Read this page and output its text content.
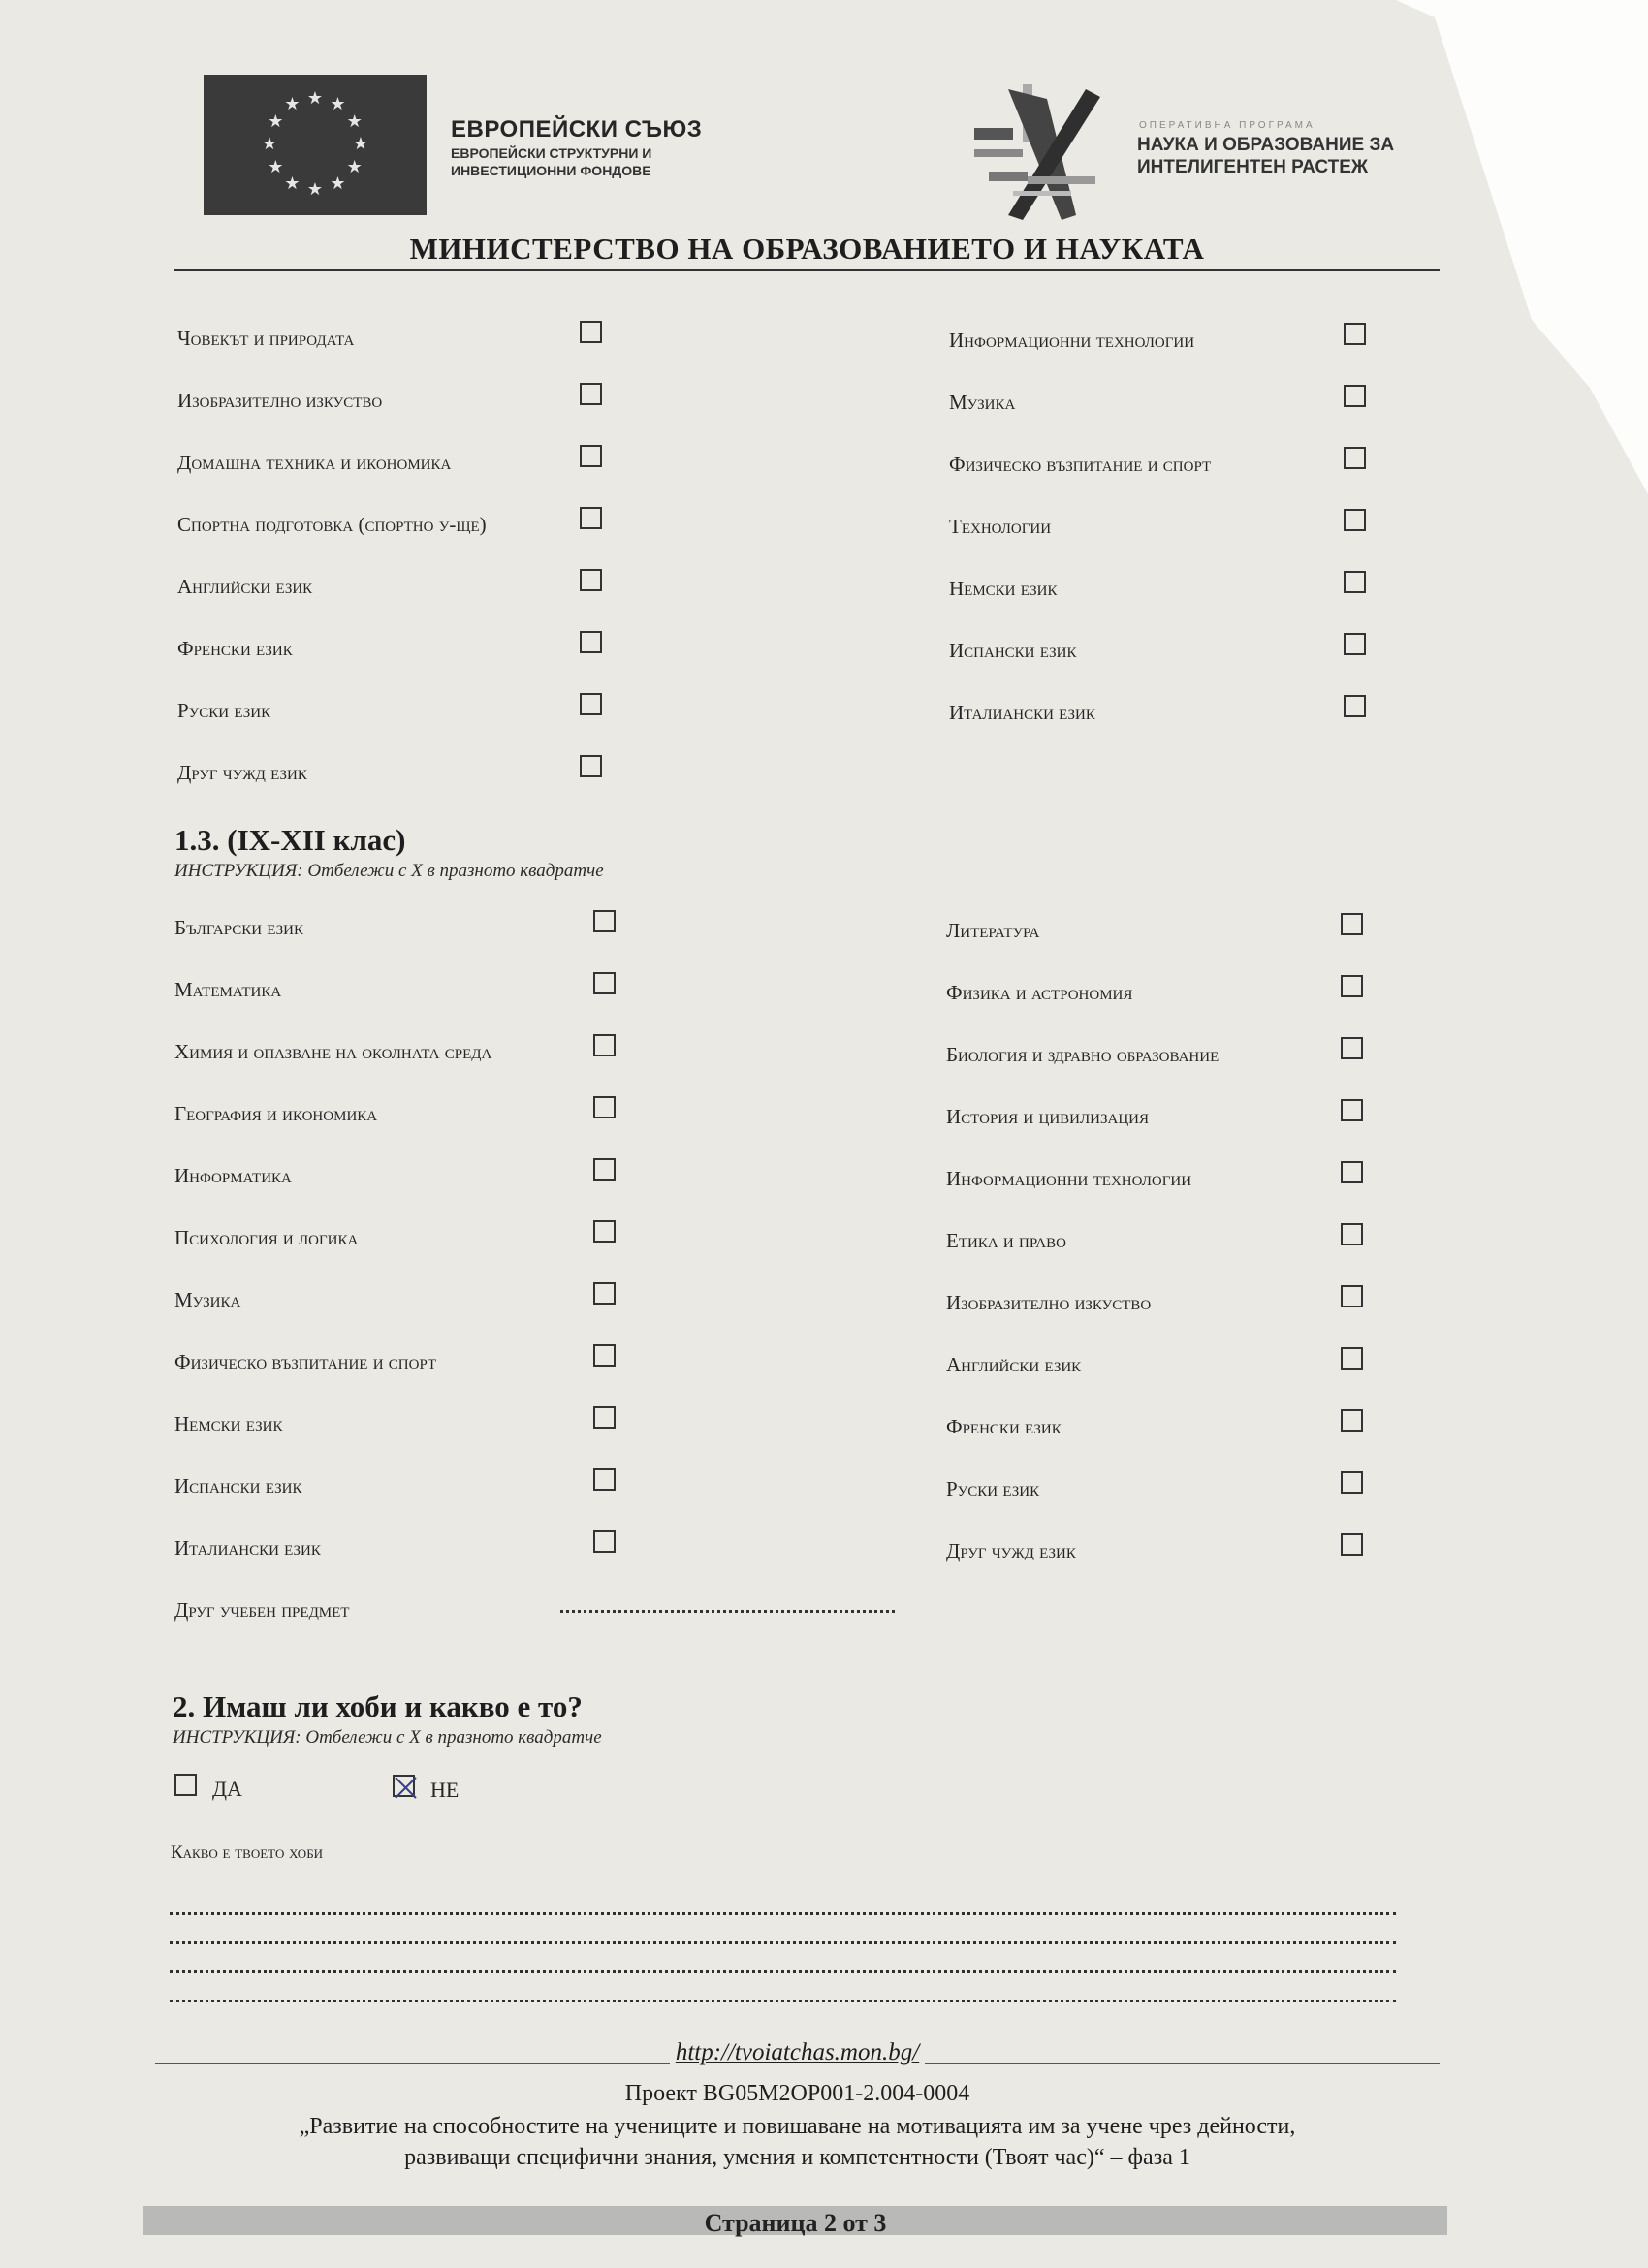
★ ★
★
★
★
★
★
★
★
★
★
★
ЕВРОПЕЙСКИ СЪЮЗ
ЕВРОПЕЙСКИ СТРУКТУРНИ И
ИНВЕСТИЦИОННИ ФОНДОВЕ
ОПЕРАТИВНА ПРОГРАМА
НАУКА И ОБРАЗОВАНИЕ ЗА
ИНТЕЛИГЕНТЕН РАСТЕЖ
МИНИСТЕРСТВО НА ОБРАЗОВАНИЕТО И НАУКАТА
Човекът и природата
Изобразително изкуство
Домашна техника и икономика
Спортна подготовка (спортно у-ще)
Английски език
Френски език
Руски език
Друг чужд език
Информационни технологии
Музика
Физическо възпитание и спорт
Технологии
Немски език
Испански език
Италиански език
1.3. (IX-XII клас)
ИНСТРУКЦИЯ: Отбележи с Х в празното квадратче
Български език
Математика
Химия и опазване на околната среда
География и икономика
Информатика
Психология и логика
Музика
Физическо възпитание и спорт
Немски език
Испански език
Италиански език
Литература
Физика и астрономия
Биология и здравно образование
История и цивилизация
Информационни технологии
Етика и право
Изобразително изкуство
Английски език
Френски език
Руски език
Друг чужд език
Друг учебен предмет
2. Имаш ли хоби и какво е то?
ИНСТРУКЦИЯ: Отбележи с Х в празното квадратче
ДА	НЕ
Какво е твоето хоби
http://tvoiatchas.mon.bg/
Проект BG05M2OP001-2.004-0004
„Развитие на способностите на учениците и повишаване на мотивацията им за учене чрез дейности,
развиващи специфични знания, умения и компетентности (Твоят час)“ – фаза 1
Страница 2 от 3
